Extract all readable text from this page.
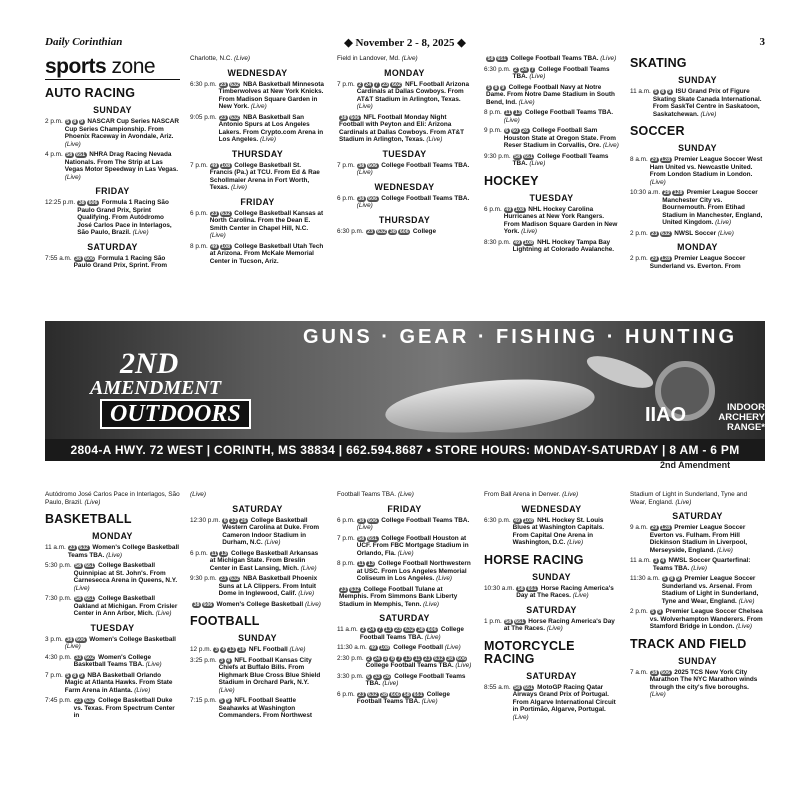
Daily Corinthian	◆ November 2 - 8, 2025 ◆	3
sports zone
AUTO RACING
SUNDAY
2 p.m. 5 8 9 NASCAR Cup Series NASCAR Cup Series Championship. From Phoenix Raceway in Avondale, Ariz. (Live)
4 p.m. 58 651 NHRA Drag Racing Nevada Nationals. From The Strip at Las Vegas Motor Speedway in Las Vegas. (Live)
FRIDAY
12:25 p.m. 38 606 Formula 1 Racing São Paulo Grand Prix, Sprint Qualifying. From Autódromo José Carlos Pace in Interlagos, São Paulo, Brazil. (Live)
SATURDAY
7:55 a.m. 38 606 Formula 1 Racing São Paulo Grand Prix, Sprint. From
Charlotte, N.C. (Live)
WEDNESDAY
6:30 p.m. 23 632 NBA Basketball Minnesota Timberwolves at New York Knicks. From Madison Square Garden in New York. (Live)
9:05 p.m. 23 632 NBA Basketball San Antonio Spurs at Los Angeles Lakers. From Crypto.com Arena in Los Angeles. (Live)
THURSDAY
7 p.m. 49 108 College Basketball St. Francis (Pa.) at TCU. From Ed & Rae Schollmaier Arena in Fort Worth, Texas. (Live)
FRIDAY
6 p.m. 23 632 College Basketball Kansas at North Carolina. From the Dean E. Smith Center in Chapel Hill, N.C. (Live)
8 p.m. 49 108 College Basketball Utah Tech at Arizona. From McKale Memorial Center in Tucson, Ariz.
Field in Landover, Md. (Live)
MONDAY
7 p.m. 2 24 7 23 602 NFL Football Arizona Cardinals at Dallas Cowboys. From AT&T Stadium in Arlington, Texas. (Live)
38 606 NFL Football Monday Night Football with Peyton and Eli: Arizona Cardinals at Dallas Cowboys. From AT&T Stadium in Arlington, Texas. (Live)
TUESDAY
7 p.m. 38 606 College Football Teams TBA. (Live)
WEDNESDAY
6 p.m. 38 606 College Football Teams TBA. (Live)
THURSDAY
6:30 p.m. 23 632 38 606 College
58 651 College Football Teams TBA. (Live)
6:30 p.m. 2 24 7 College Football Teams TBA. (Live)
5 8 9 College Football Navy at Notre Dame. From Notre Dame Stadium in South Bend, Ind. (Live)
8 p.m. 11 13 College Football Teams TBA. (Live)
9 p.m. 6 60 26 College Football Sam Houston State at Oregon State. From Reser Stadium in Corvallis, Ore. (Live)
9:30 p.m. 58 651 College Football Teams TBA. (Live)
HOCKEY
TUESDAY
6 p.m. 49 108 NHL Hockey Carolina Hurricanes at New York Rangers. From Madison Square Garden in New York. (Live)
8:30 p.m. 49 108 NHL Hockey Tampa Bay Lightning at Colorado Avalanche.
SKATING
SUNDAY
11 a.m. 5 8 9 ISU Grand Prix of Figure Skating Skate Canada International. From SaskTel Centre in Saskatoon, Saskatchewan. (Live)
SOCCER
SUNDAY
8 a.m. 29 128 Premier League Soccer West Ham United vs. Newcastle United. From London Stadium in London. (Live)
10:30 a.m. 29 128 Premier League Soccer Manchester City vs. Bournemouth. From Etihad Stadium in Manchester, England, United Kingdom. (Live)
2 p.m. 23 632 NWSL Soccer (Live)
MONDAY
2 p.m. 29 128 Premier League Soccer Sunderland vs. Everton. From
GUNS · GEAR · FISHING · HUNTING
2ND
AMENDMENT
OUTDOORS	IIAO	INDOOR ARCHERY RANGE*
2804-A HWY. 72 WEST | CORINTH, MS 38834 | 662.594.8687 • STORE HOURS: MONDAY-SATURDAY | 8 AM - 6 PM
2nd Amendment
Autódromo José Carlos Pace in Interlagos, São Paulo, Brazil. (Live)
BASKETBALL
MONDAY
11 a.m. 23 632 Women's College Basketball Teams TBA. (Live)
5:30 p.m. 58 651 College Basketball Quinnipiac at St. John's. From Carnesecca Arena in Queens, N.Y. (Live)
7:30 p.m. 58 651 College Basketball Oakland at Michigan. From Crisler Center in Ann Arbor, Mich. (Live)
TUESDAY
3 p.m. 38 606 Women's College Basketball (Live)
4:30 p.m. 33 602 Women's College Basketball Teams TBA. (Live)
7 p.m. 5 8 9 NBA Basketball Orlando Magic at Atlanta Hawks. From State Farm Arena in Atlanta. (Live)
7:45 p.m. 23 632 College Basketball Duke vs. Texas. From Spectrum Center in
(Live)
SATURDAY
12:30 p.m. 6 33 26 College Basketball Western Carolina at Duke. From Cameron Indoor Stadium in Durham, N.C. (Live)
6 p.m. 11 13 College Basketball Arkansas at Michigan State. From Breslin Center in East Lansing, Mich. (Live)
9:30 p.m. 23 632 NBA Basketball Phoenix Suns at LA Clippers. From Intuit Dome in Inglewood, Calif. (Live)
38 606 Women's College Basketball (Live)
FOOTBALL
SUNDAY
12 p.m. 3 4 13 18 NFL Football (Live)
3:25 p.m. 3 4 NFL Football Kansas City Chiefs at Buffalo Bills. From Highmark Blue Cross Blue Shield Stadium in Orchard Park, N.Y. (Live)
7:15 p.m. 5 9 NFL Football Seattle Seahawks at Washington Commanders. From Northwest
Football Teams TBA. (Live)
FRIDAY
6 p.m. 38 606 College Football Teams TBA. (Live)
7 p.m. 58 651 College Football Houston at UCF. From FBC Mortgage Stadium in Orlando, Fla. (Live)
8 p.m. 11 13 College Football Northwestern at USC. From Los Angeles Memorial Coliseum in Los Angeles. (Live)
23 632 College Football Tulane at Memphis. From Simmons Bank Liberty Stadium in Memphis, Tenn. (Live)
SATURDAY
11 a.m. 2 24 7 13 23 632 38 606 College Football Teams TBA. (Live)
11:30 a.m. 49 108 College Football (Live)
2:30 p.m. 2 24 3 8 7 13 11 23 632 38 606 College Football Teams TBA. (Live)
3:30 p.m. 6 33 26 College Football Teams TBA. (Live)
6 p.m. 23 632 38 606 58 651 College Football Teams TBA. (Live)
From Ball Arena in Denver. (Live)
WEDNESDAY
6:30 p.m. 49 108 NHL Hockey St. Louis Blues at Washington Capitals. From Capital One Arena in Washington, D.C. (Live)
HORSE RACING
SUNDAY
10:30 a.m. 58 651 Horse Racing America's Day at The Races. (Live)
SATURDAY
1 p.m. 58 651 Horse Racing America's Day at The Races. (Live)
MOTORCYCLE RACING
SATURDAY
8:55 a.m. 58 651 MotoGP Racing Qatar Airways Grand Prix of Portugal. From Algarve International Circuit in Portimão, Algarve, Portugal. (Live)
Stadium of Light in Sunderland, Tyne and Wear, England. (Live)
SATURDAY
9 a.m. 29 128 Premier League Soccer Everton vs. Fulham. From Hill Dickinson Stadium in Liverpool, Merseyside, England. (Live)
11 a.m. 3 4 NWSL Soccer Quarterfinal: Teams TBA. (Live)
11:30 a.m. 5 8 9 Premier League Soccer Sunderland vs. Arsenal. From Stadium of Light in Sunderland, Tyne and Wear, England. (Live)
2 p.m. 5 9 Premier League Soccer Chelsea vs. Wolverhampton Wanderers. From Stamford Bridge in London. (Live)
TRACK AND FIELD
SUNDAY
7 a.m. 38 606 2025 TCS New York City Marathon The NYC Marathon winds through the city's five boroughs. (Live)
